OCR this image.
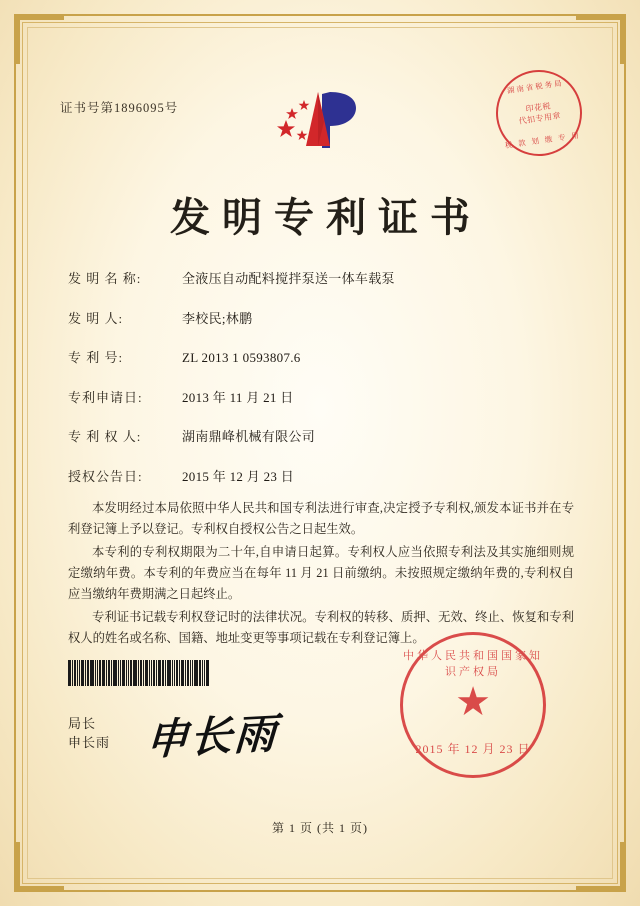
证书号第1896095号
湖南省税务局
印花税
代扣专用章
税 款 划 缴 专 用
发明专利证书
发 明 名 称:	全液压自动配料搅拌泵送一体车载泵
发 明 人:	李校民;林鹏
专 利 号:	ZL 2013 1 0593807.6
专利申请日:	2013 年 11 月 21 日
专 利 权 人:	湖南鼎峰机械有限公司
授权公告日:	2015 年 12 月 23 日

本发明经过本局依照中华人民共和国专利法进行审查,决定授予专利权,颁发本证书并在专利登记簿上予以登记。专利权自授权公告之日起生效。

本专利的专利权期限为二十年,自申请日起算。专利权人应当依照专利法及其实施细则规定缴纳年费。本专利的年费应当在每年 11 月 21 日前缴纳。未按照规定缴纳年费的,专利权自应当缴纳年费期满之日起终止。

专利证书记载专利权登记时的法律状况。专利权的转移、质押、无效、终止、恢复和专利权人的姓名或名称、国籍、地址变更等事项记载在专利登记簿上。

局长
申长雨 申长雨
中华人民共和国国家知识产权局
★
2015 年 12 月 23 日
第 1 页 (共 1 页)
